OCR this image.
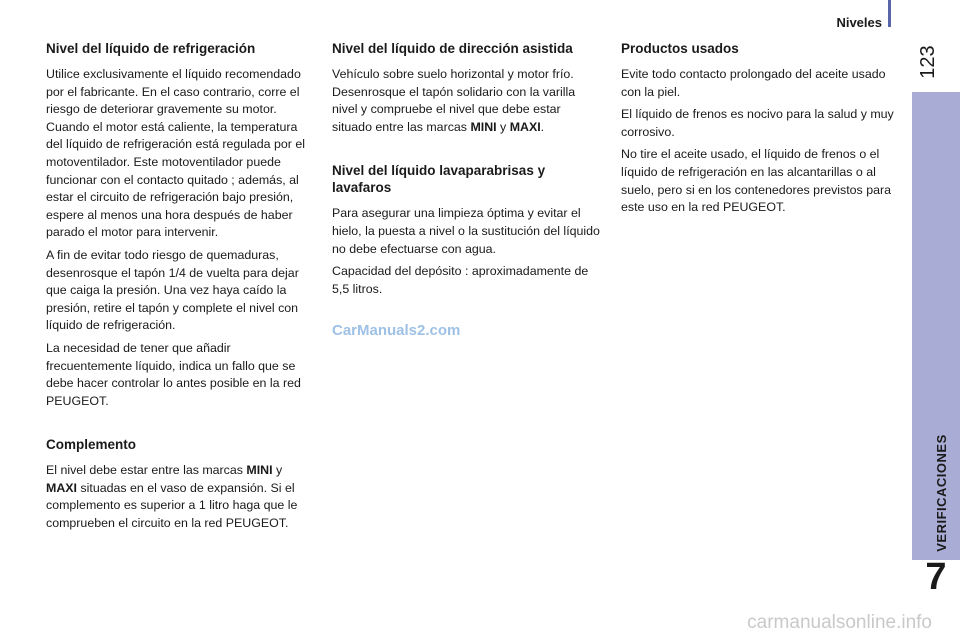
Niveles
123
VERIFICACIONES
7
Nivel del líquido de refrigeración

Utilice exclusivamente el líquido recomendado por el fabricante. En el caso contrario, corre el riesgo de deteriorar gravemente su motor. Cuando el motor está caliente, la temperatura del líquido de refrigeración está regulada por el motoventilador. Este motoventilador puede funcionar con el contacto quitado ; además, al estar el circuito de refrigeración bajo presión, espere al menos una hora después de haber parado el motor para intervenir.

A fin de evitar todo riesgo de quemaduras, desenrosque el tapón 1/4 de vuelta para dejar que caiga la presión. Una vez haya caído la presión, retire el tapón y complete el nivel con líquido de refrigeración.

La necesidad de tener que añadir frecuentemente líquido, indica un fallo que se debe hacer controlar lo antes posible en la red PEUGEOT.

Complemento

El nivel debe estar entre las marcas MINI y MAXI situadas en el vaso de expansión. Si el complemento es superior a 1 litro haga que le comprueben el circuito en la red PEUGEOT.

Nivel del líquido de dirección asistida

Vehículo sobre suelo horizontal y motor frío. Desenrosque el tapón solidario con la varilla nivel y compruebe el nivel que debe estar situado entre las marcas MINI y MAXI.

Nivel del líquido lavaparabrisas y lavafaros

Para asegurar una limpieza óptima y evitar el hielo, la puesta a nivel o la sustitución del líquido no debe efectuarse con agua.

Capacidad del depósito : aproximadamente de 5,5 litros.

CarManuals2.com
Productos usados

Evite todo contacto prolongado del aceite usado con la piel.

El líquido de frenos es nocivo para la salud y muy corrosivo.

No tire el aceite usado, el líquido de frenos o el líquido de refrigeración en las alcantarillas o al suelo, pero si en los contenedores previstos para este uso en la red PEUGEOT.

carmanualsonline.info
